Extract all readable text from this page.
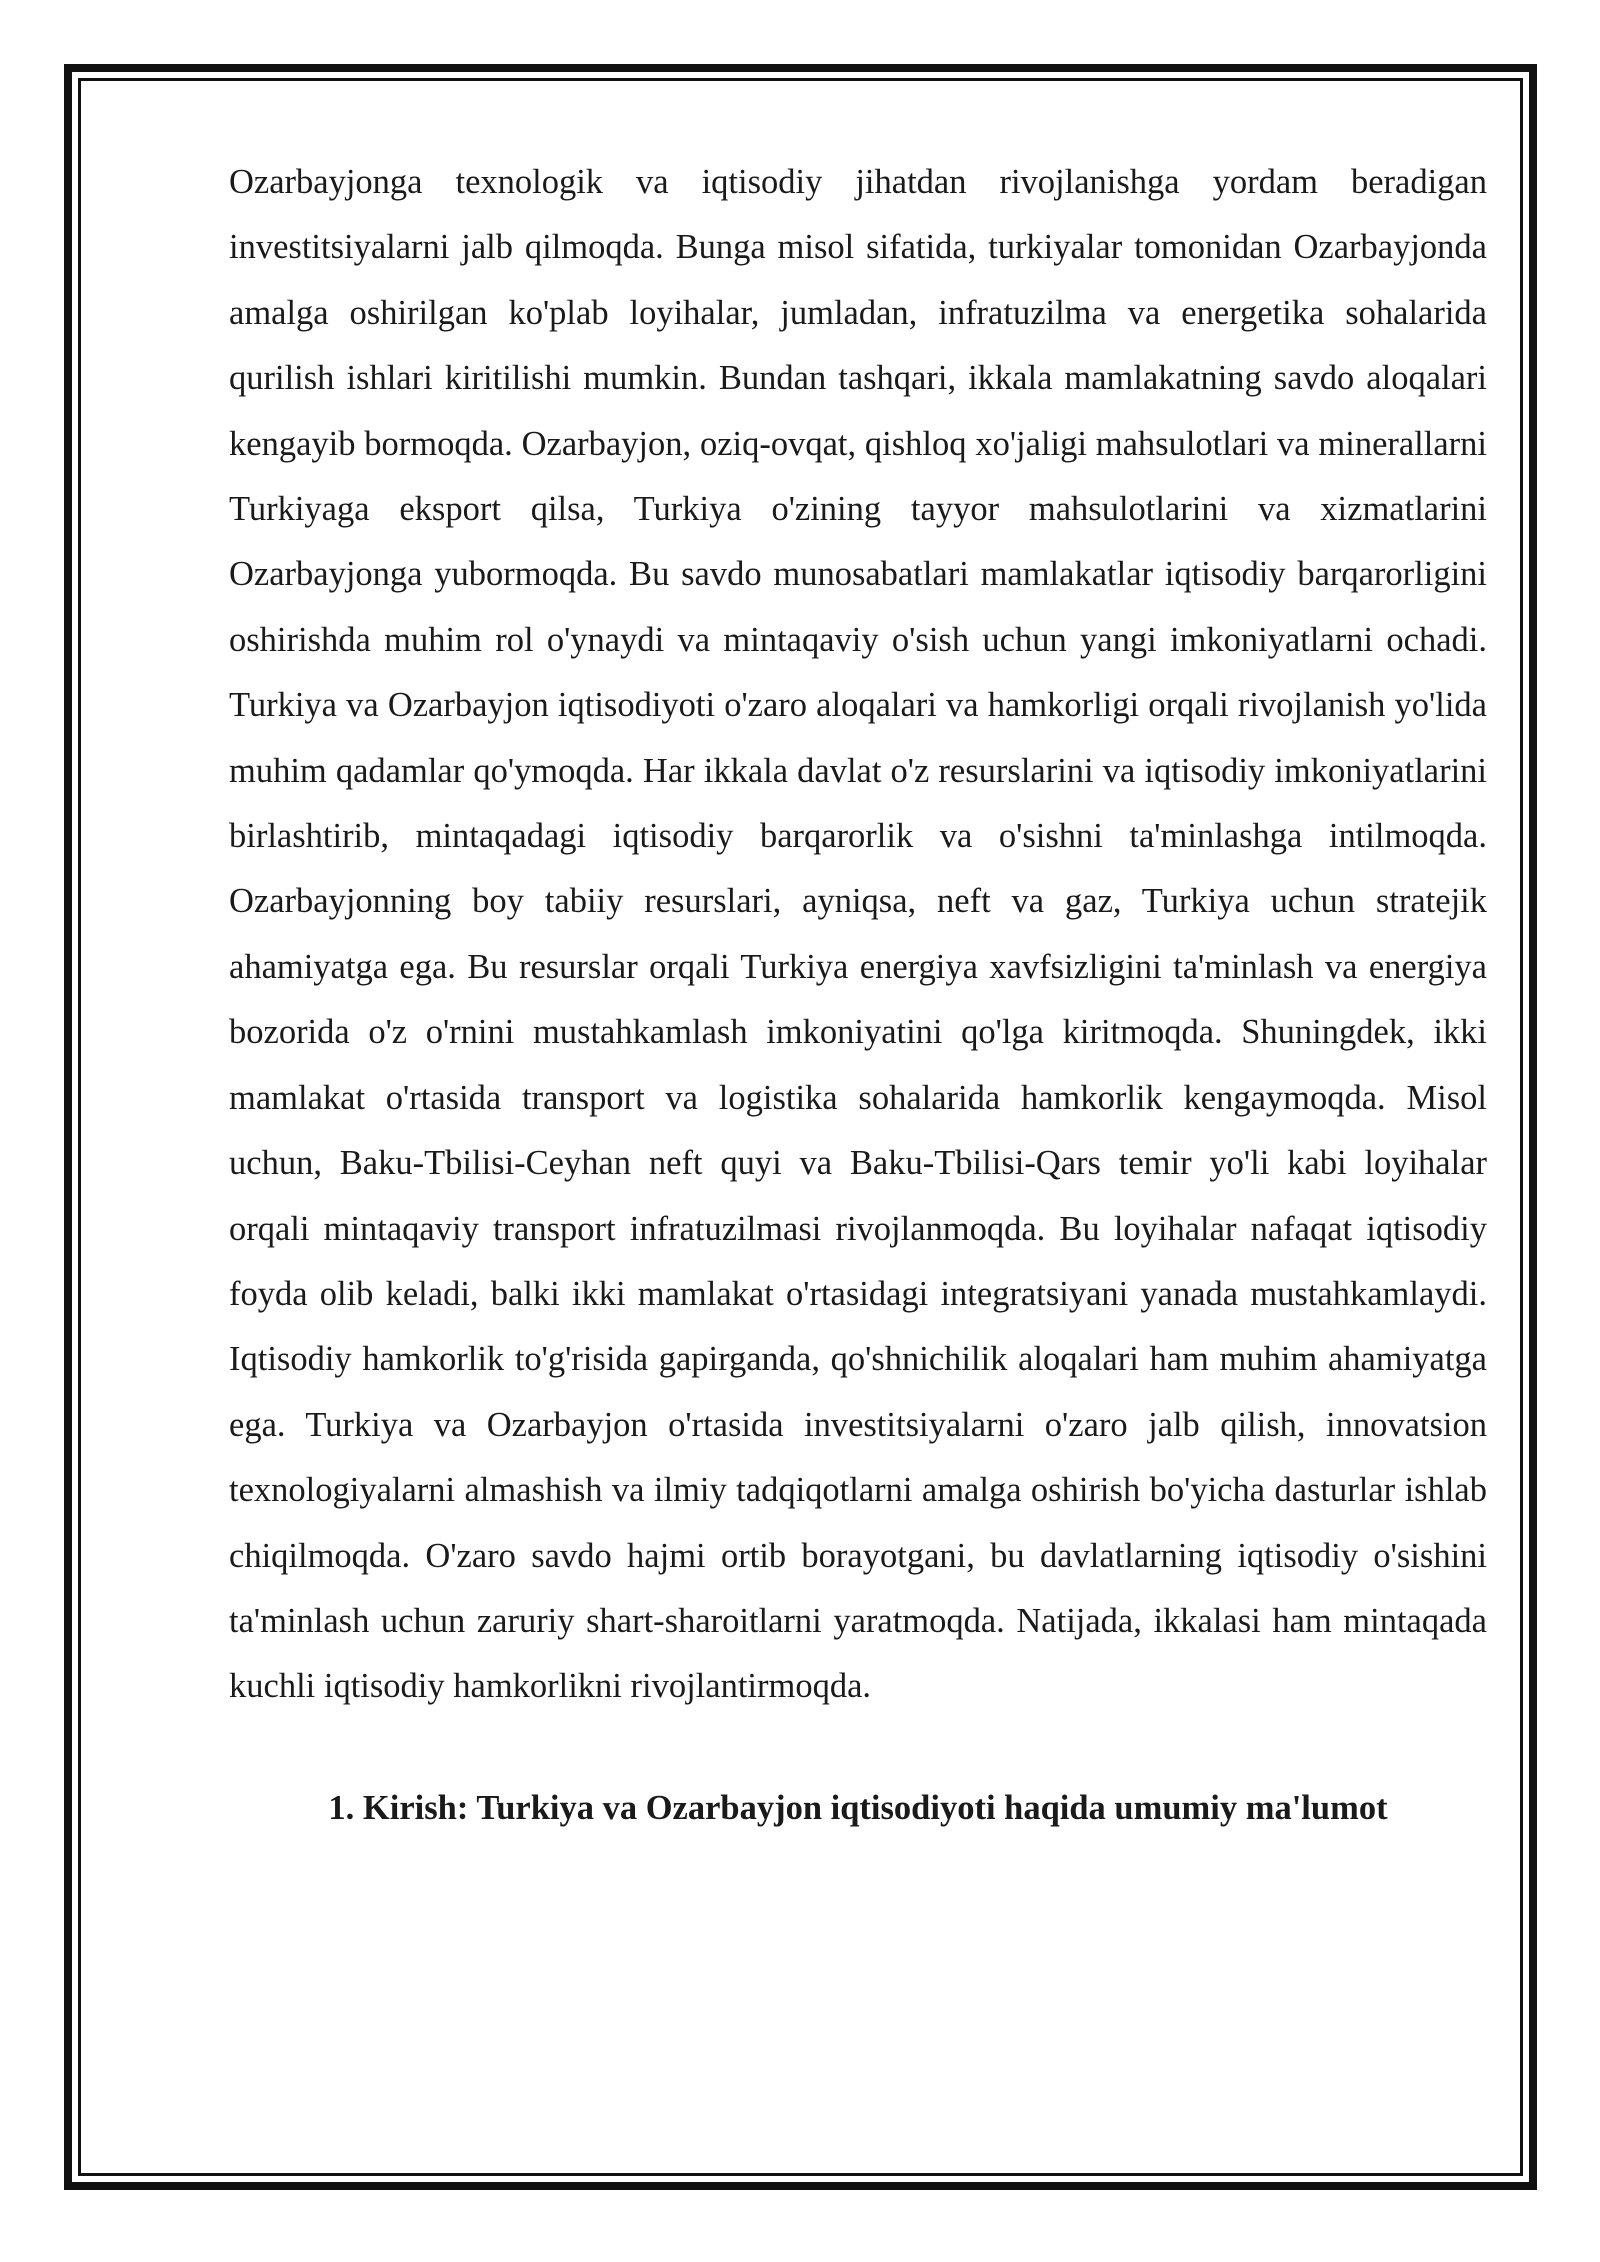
Ozarbayjonga texnologik va iqtisodiy jihatdan rivojlanishga yordam beradigan investitsiyalarni jalb qilmoqda. Bunga misol sifatida, turkiyalar tomonidan Ozarbayjonda amalga oshirilgan ko'plab loyihalar, jumladan, infratuzilma va energetika sohalarida qurilish ishlari kiritilishi mumkin. Bundan tashqari, ikkala mamlakatning savdo aloqalari kengayib bormoqda. Ozarbayjon, oziq-ovqat, qishloq xo'jaligi mahsulotlari va minerallarni Turkiyaga eksport qilsa, Turkiya o'zining tayyor mahsulotlarini va xizmatlarini Ozarbayjonga yubormoqda. Bu savdo munosabatlari mamlakatlar iqtisodiy barqarorligini oshirishda muhim rol o'ynaydi va mintaqaviy o'sish uchun yangi imkoniyatlarni ochadi. Turkiya va Ozarbayjon iqtisodiyoti o'zaro aloqalari va hamkorligi orqali rivojlanish yo'lida muhim qadamlar qo'ymoqda. Har ikkala davlat o'z resurslarini va iqtisodiy imkoniyatlarini birlashtirib, mintaqadagi iqtisodiy barqarorlik va o'sishni ta'minlashga intilmoqda. Ozarbayjonning boy tabiiy resurslari, ayniqsa, neft va gaz, Turkiya uchun stratejik ahamiyatga ega. Bu resurslar orqali Turkiya energiya xavfsizligini ta'minlash va energiya bozorida o'z o'rnini mustahkamlash imkoniyatini qo'lga kiritmoqda. Shuningdek, ikki mamlakat o'rtasida transport va logistika sohalarida hamkorlik kengaymoqda. Misol uchun, Baku-Tbilisi-Ceyhan neft quyi va Baku-Tbilisi-Qars temir yo'li kabi loyihalar orqali mintaqaviy transport infratuzilmasi rivojlanmoqda. Bu loyihalar nafaqat iqtisodiy foyda olib keladi, balki ikki mamlakat o'rtasidagi integratsiyani yanada mustahkamlaydi. Iqtisodiy hamkorlik to'g'risida gapirganda, qo'shnichilik aloqalari ham muhim ahamiyatga ega. Turkiya va Ozarbayjon o'rtasida investitsiyalarni o'zaro jalb qilish, innovatsion texnologiyalarni almashish va ilmiy tadqiqotlarni amalga oshirish bo'yicha dasturlar ishlab chiqilmoqda. O'zaro savdo hajmi ortib borayotgani, bu davlatlarning iqtisodiy o'sishini ta'minlash uchun zaruriy shart-sharoitlarni yaratmoqda. Natijada, ikkalasi ham mintaqada kuchli iqtisodiy hamkorlikni rivojlantirmoqda.

1. Kirish: Turkiya va Ozarbayjon iqtisodiyoti haqida umumiy ma'lumot
